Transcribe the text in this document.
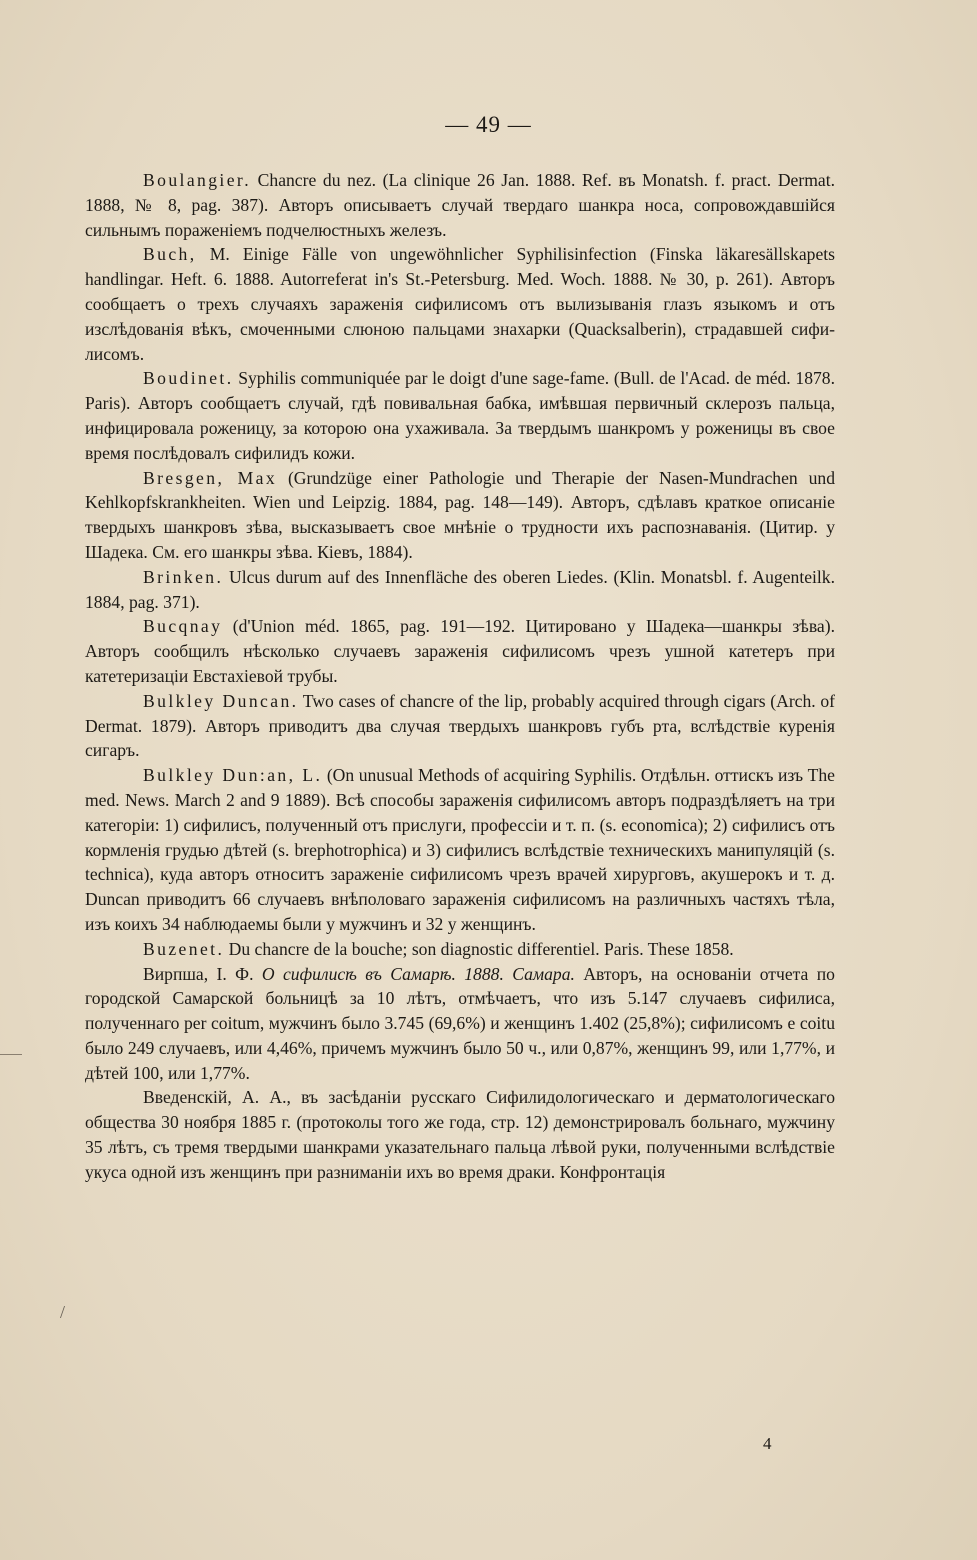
— 49 —

Boulangier. Chancre du nez. (La clinique 26 Jan. 1888. Ref. въ Monatsh. f. pract. Dermat. 1888, № 8, pag. 387). Авторъ описываетъ случай твердаго шанкра носа, сопровождавшійся сильнымъ пораженіемъ подчелюстныхъ железъ.

Buch, M. Einige Fälle von ungewöhnlicher Syphilisinfection (Finska läkaresällskapets handlingar. Heft. 6. 1888. Autorreferat in's St.-Petersburg. Med. Woch. 1888. № 30, p. 261). Авторъ сообщаетъ о трехъ случаяхъ зараженія сифилисомъ отъ вылизыванія глазъ языкомъ и отъ изслѣдованія вѣкъ, смоченными слюною пальцами знахарки (Quacksalberin), страдавшей сифилисомъ.

Boudinet. Syphilis communiquée par le doigt d'une sage-fame. (Bull. de l'Acad. de méd. 1878. Paris). Авторъ сообщаетъ случай, гдѣ повивальная бабка, имѣвшая первичный склерозъ пальца, инфицировала роженицу, за которою она ухаживала. За твердымъ шанкромъ у роженицы въ свое время послѣдовалъ сифилидъ кожи.

Bresgen, Max (Grundzüge einer Pathologie und Therapie der Nasen-Mundrachen und Kehlkopfskrankheiten. Wien und Leipzig. 1884, pag. 148—149). Авторъ, сдѣлавъ краткое описаніе твердыхъ шанкровъ зѣва, высказываетъ свое мнѣніе о трудности ихъ распознаванія. (Цитир. у Шадека. См. его шанкры зѣва. Кіевъ, 1884).

Brinken. Ulcus durum auf des Innenfläche des oberen Liedes. (Klin. Monatsbl. f. Augenteilk. 1884, pag. 371).

Bucqnay (d'Union méd. 1865, pag. 191—192. Цитировано у Шадека—шанкры зѣва). Авторъ сообщилъ нѣсколько случаевъ зараженія сифилисомъ чрезъ ушной катетеръ при катетеризаціи Евстахіевой трубы.

Bulkley Duncan. Two cases of chancre of the lip, probably acquired through cigars (Arch. of Dermat. 1879). Авторъ приводитъ два случая твердыхъ шанкровъ губъ рта, вслѣдствіе куренія сигаръ.

Bulkley Dun:an, L. (On unusual Methods of acquiring Syphilis. Отдѣльн. оттискъ изъ The med. News. March 2 and 9 1889). Всѣ способы зараженія сифилисомъ авторъ подраздѣляетъ на три категоріи: 1) сифилисъ, полученный отъ прислуги, профессіи и т. п. (s. economica); 2) сифилисъ отъ кормленія грудью дѣтей (s. brephotrophica) и 3) сифилисъ вслѣдствіе техническихъ манипуляцій (s. technica), куда авторъ относитъ зараженіе сифилисомъ чрезъ врачей хирурговъ, акушерокъ и т. д. Duncan приводитъ 66 случаевъ внѣполоваго зараженія сифилисомъ на различныхъ частяхъ тѣла, изъ коихъ 34 наблюдаемы были у мужчинъ и 32 у женщинъ.

Buzenet. Du chancre de la bouche; son diagnostic differentiel. Paris. These 1858.

Вирпша, I. Ф. О сифилисѣ въ Самарѣ. 1888. Самара. Авторъ, на основаніи отчета по городской Самарской больницѣ за 10 лѣтъ, отмѣчаетъ, что изъ 5.147 случаевъ сифилиса, полученнаго per coitum, мужчинъ было 3.745 (69,6%) и женщинъ 1.402 (25,8%); сифилисомъ e coitu было 249 случаевъ, или 4,46%, причемъ мужчинъ было 50 ч., или 0,87%, женщинъ 99, или 1,77%, и дѣтей 100, или 1,77%.

Введенскій, А. А., въ засѣданіи русскаго Сифилидологическаго и дерматологическаго общества 30 ноября 1885 г. (протоколы того же года, стр. 12) демонстрировалъ больнаго, мужчину 35 лѣтъ, съ тремя твердыми шанкрами указательнаго пальца лѣвой руки, полученными вслѣдствіе укуса одной изъ женщинъ при разниманіи ихъ во время драки. Конфронтація

/
4
